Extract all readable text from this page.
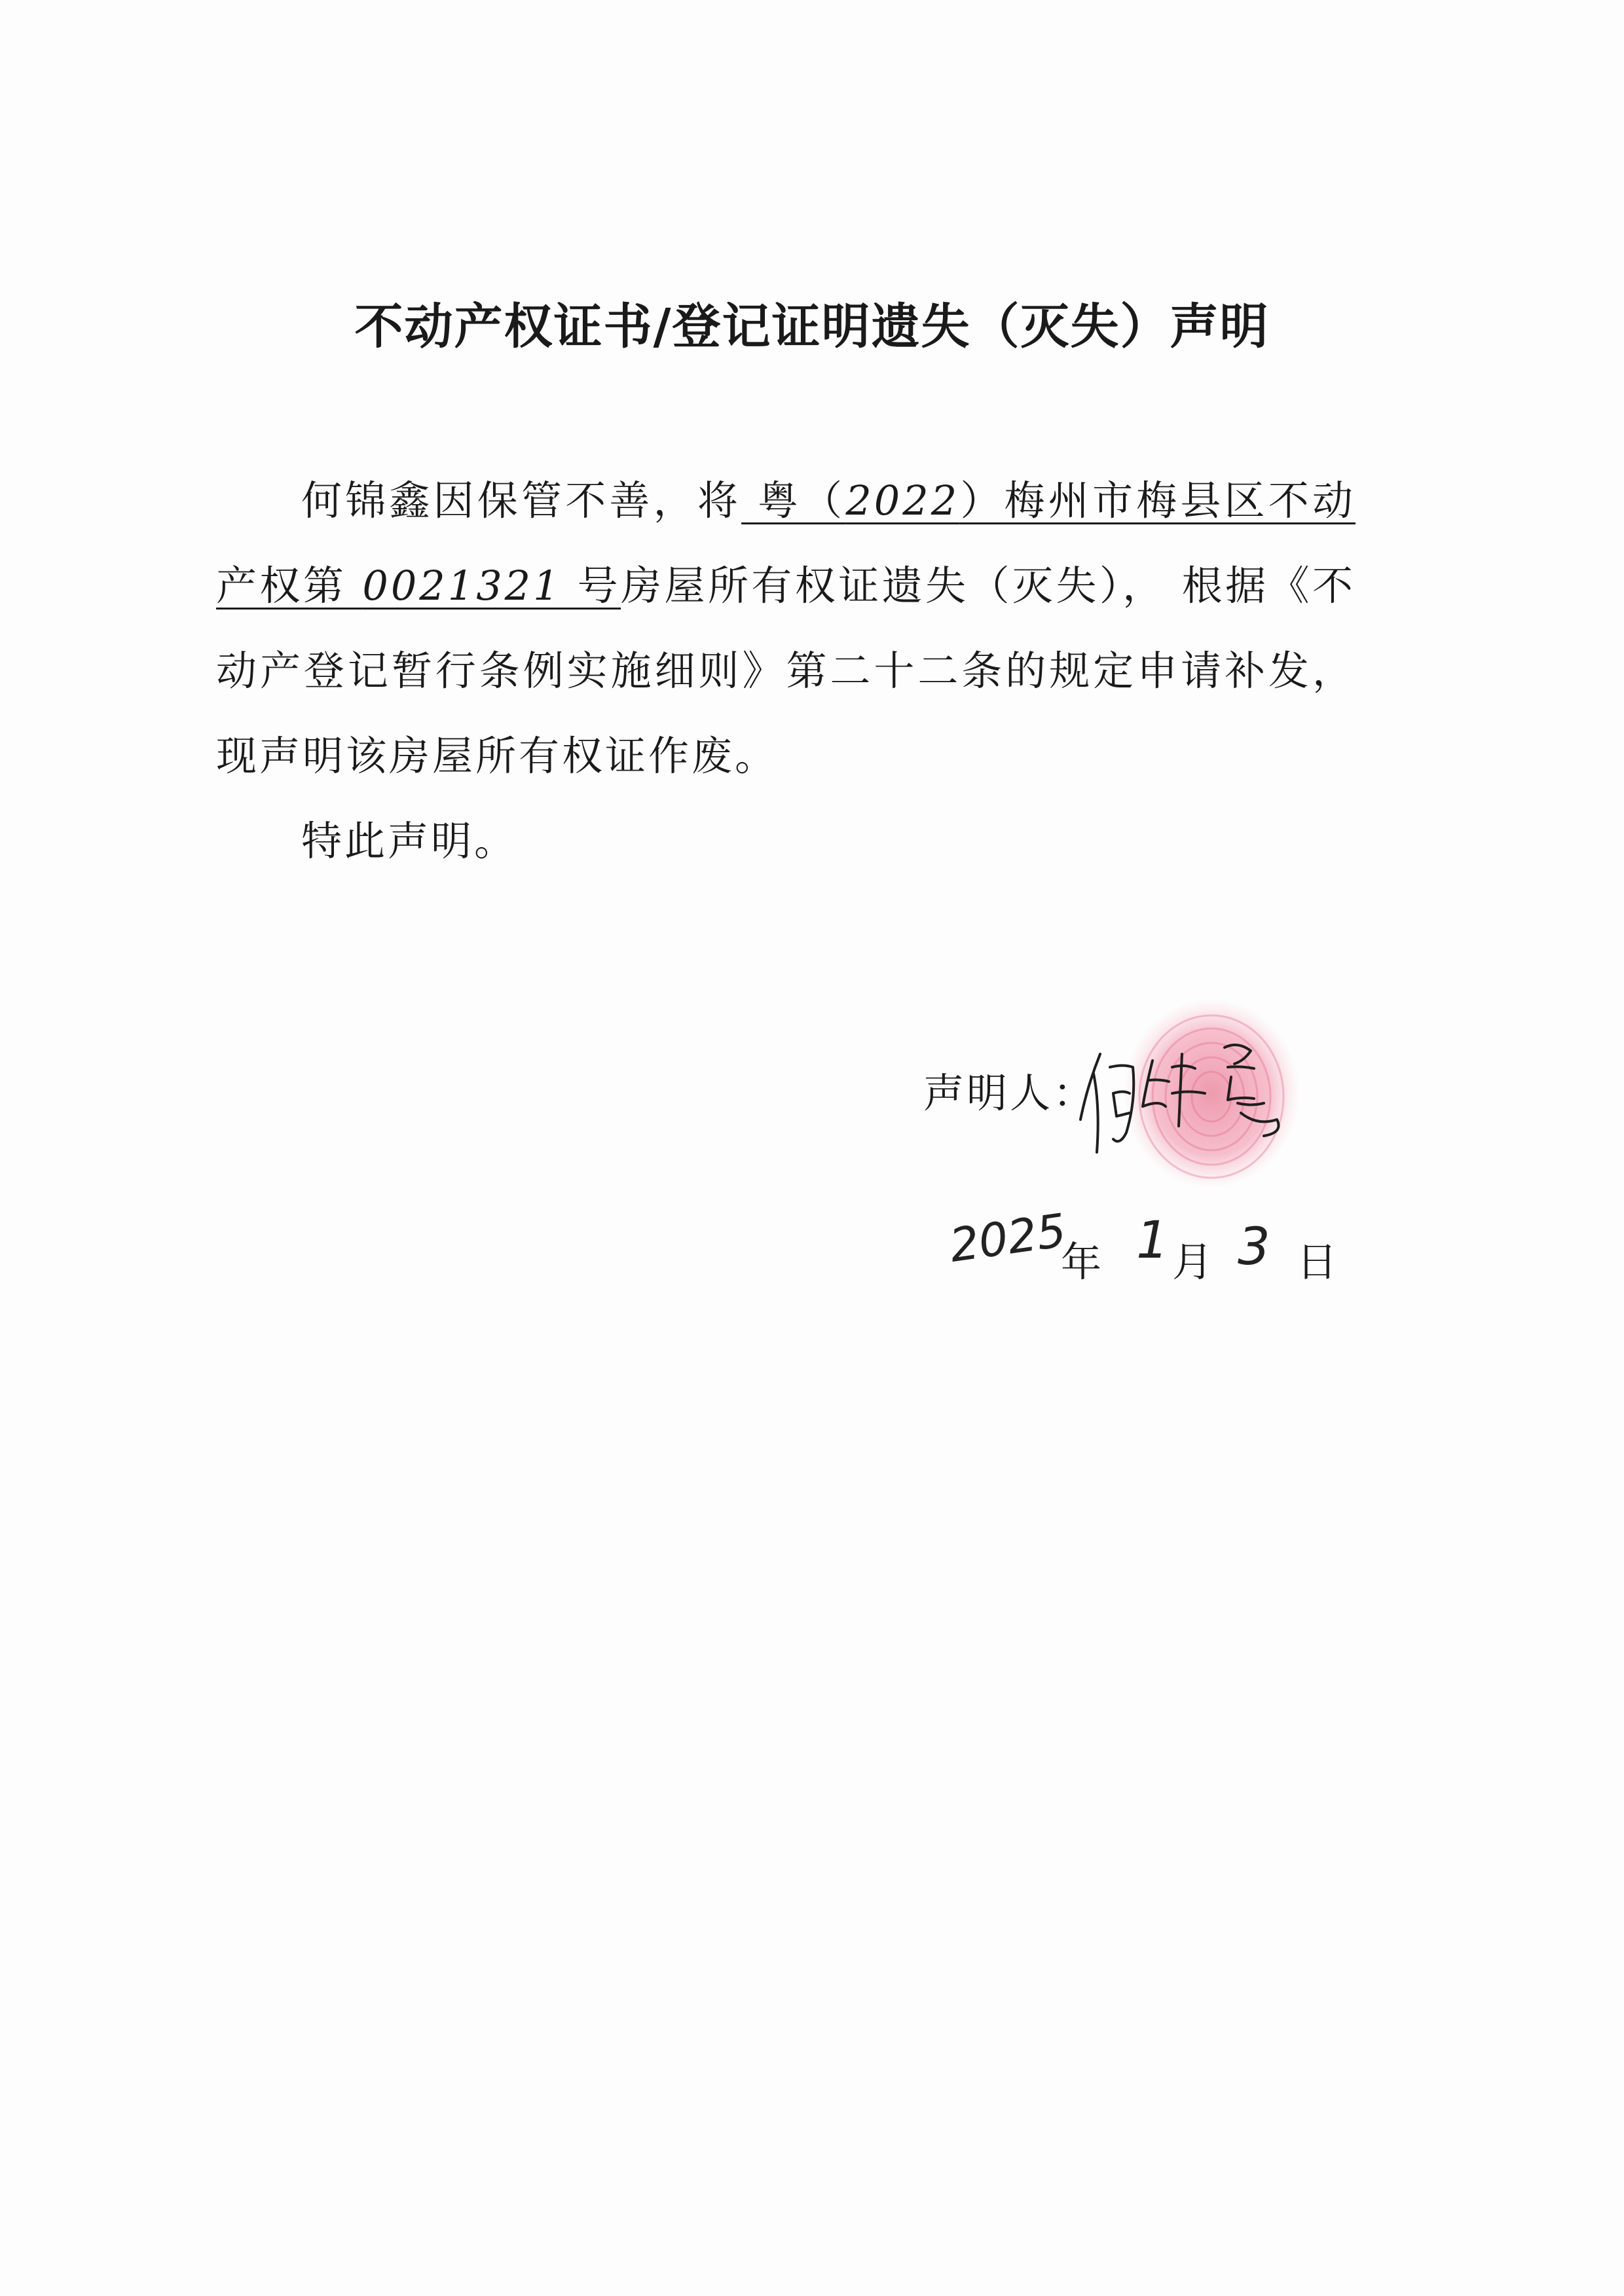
不动产权证书/登记证明遗失（灭失）声明

何锦鑫因保管不善，将 粤（2022）梅州市梅县区不动产权第 0021321 号房屋所有权证遗失（灭失）， 根据《不动产登记暂行条例实施细则》第二十二条的规定申请补发，现声明该房屋所有权证作废。

特此声明。

声明人：
2025
年 1 月 3 日
